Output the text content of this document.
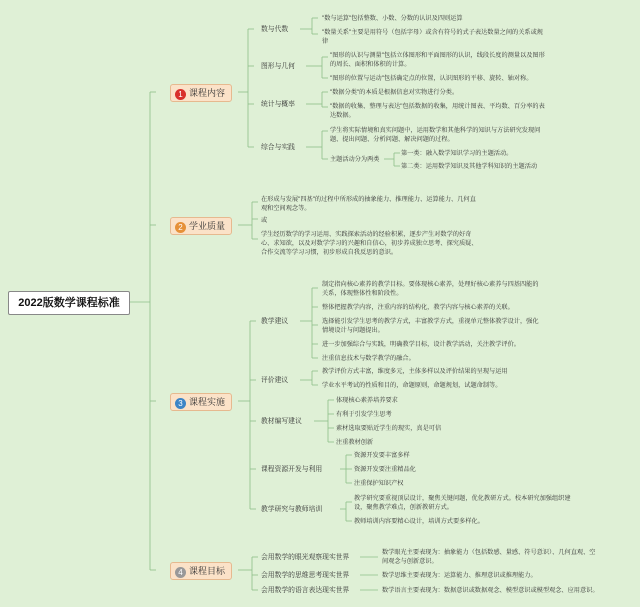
2022版数学课程标准
1 课程内容
2 学业质量
3 课程实施
4 课程目标
数与代数
"数与运算"包括整数、小数、分数的认识及四则运算
"数量关系"主要是用符号（包括字母）或含有符号的式子表达数量之间的关系或规
律
图形与几何
"图形的认识与测量"包括立体图形和平面图形的认识，线段长度的测量以及图形
的周长、面积和体积的计算。
"图形的位置与运动"包括确定点的位置，认识图形的平移、旋转、轴对称。
统计与概率
"数据分类"的本质是根据信息对实物进行分类。
"数据的收集、整理与表达"包括数据的收集，用统计图表、平均数、百分率的表
达数据。
综合与实践
学生将实际情境和真实问题中，运用数学和其他科学的知识与方法研究发现问
题、提出问题、分析问题、解决问题的过程。
主题活动分为两类
第一类：融入数学知识学习的主题活动。
第二类：运用数学知识及其他学科知识的主题活动
在形成与发展"四基"的过程中所形成的抽象能力、推理能力、运算能力、几何直
观和空间观念等。
或
学生经历数学的学习运用、实践探索活动的经验积累，逐步产生对数学的好奇
心、求知欲，以及对数学学习的兴趣和自信心，初步养成独立思考、探究质疑、
合作交流等学习习惯，初步形成自我反思的意识。
教学建议
制定指向核心素养的教学目标。要体现核心素养，处理好核心素养与四基四能的
关系，体现整体性和阶段性。
整体把握教学内容，注重内容的结构化，教学内容与核心素养的关联。
选择能引发学生思考的教学方式，丰富教学方式，重视单元整体教学设计，强化
情境设计与问题提出。
进一步加强综合与实践，明确教学目标，设计教学活动，关注教学评价。
注重信息技术与数学教学的融合。
评价建议
教学评价方式丰富，维度多元，主体多样以及评价结果的呈现与运用
学业水平考试的性质和目的，命题原则，命题规划，试题命制等。
教材编写建议
体现核心素养培养要求
有利于引发学生思考
素材选取要贴近学生的现实，真是可信
注重教材创新
课程资源开发与利用
资源开发要丰富多样
资源开发要注重精品化
注重保护知识产权
教学研究与教师培训
教学研究要重视顶层设计，聚焦关键问题，优化教研方式。校本研究加强组织建
设，聚焦教学难点，创新教研方式。
教师培训内容要精心设计，培训方式要多样化。
会用数学的眼光观察现实世界
数学眼光主要表现为：抽象能力（包括数感、量感、符号意识）、几何直观、空
间观念与创新意识。
会用数学的思维思考现实世界	数学思维主要表现为：运算能力、推理意识或推理能力。
会用数学的语言表达现实世界	数学语言主要表现为：数据意识或数据观念、模型意识或模型观念、应用意识。
